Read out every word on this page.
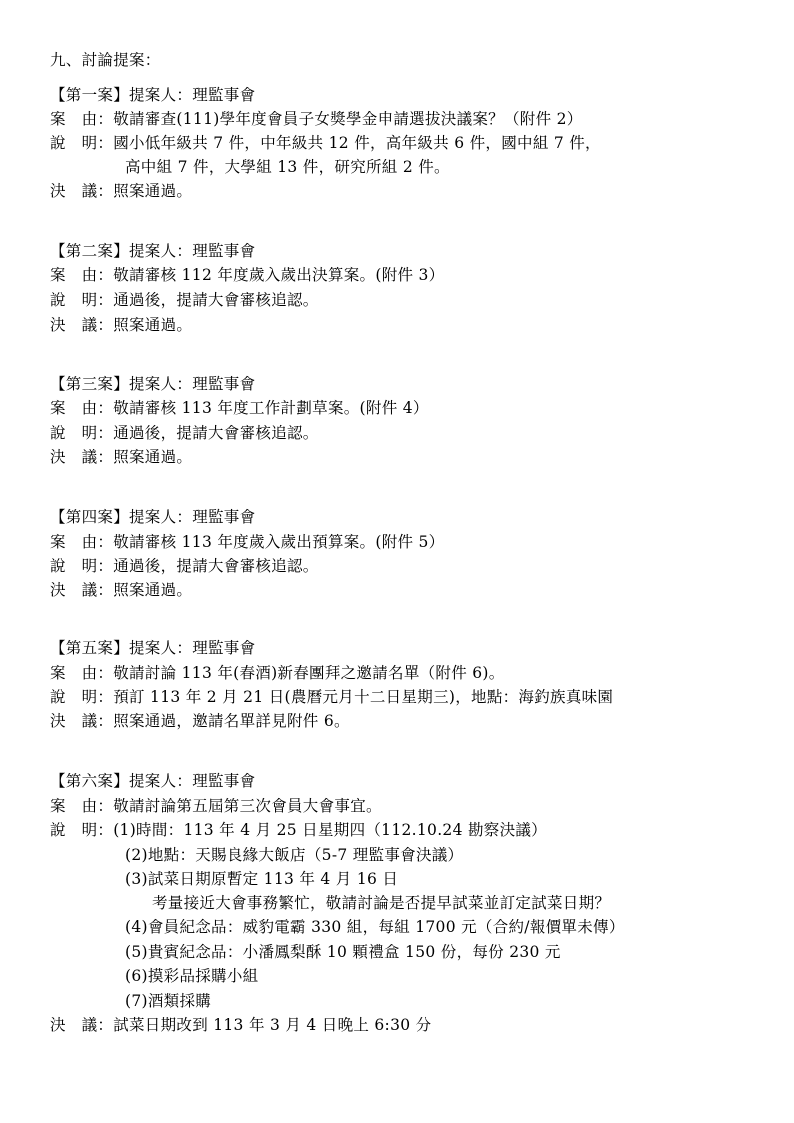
九、討論提案：
【第一案】提案人：理監事會
案　由：敬請審查(111)學年度會員子女獎學金申請選拔決議案？（附件 2）
說　明：國小低年級共 7 件，中年級共 12 件，高年級共 6 件，國中組 7 件，
高中組 7 件，大學組 13 件，研究所組 2 件。
決　議：照案通過。
【第二案】提案人：理監事會
案　由：敬請審核 112 年度歲入歲出決算案。(附件 3）
說　明：通過後，提請大會審核追認。
決　議：照案通過。
【第三案】提案人：理監事會
案　由：敬請審核 113 年度工作計劃草案。(附件 4）
說　明：通過後，提請大會審核追認。
決　議：照案通過。
【第四案】提案人：理監事會
案　由：敬請審核 113 年度歲入歲出預算案。(附件 5）
說　明：通過後，提請大會審核追認。
決　議：照案通過。
【第五案】提案人：理監事會
案　由：敬請討論 113 年(春酒)新春團拜之邀請名單（附件 6)。
說　明：預訂 113 年 2 月 21 日(農曆元月十二日星期三)，地點：海釣族真味園
決　議：照案通過，邀請名單詳見附件 6。
【第六案】提案人：理監事會
案　由：敬請討論第五屆第三次會員大會事宜。
說　明：(1)時間：113 年 4 月 25 日星期四（112.10.24 勘察決議）
(2)地點：天賜良緣大飯店（5-7 理監事會決議）
(3)試菜日期原暫定 113 年 4 月 16 日
考量接近大會事務繁忙，敬請討論是否提早試菜並訂定試菜日期？
(4)會員紀念品：威豹電霸 330 組，每組 1700 元（合約/報價單未傳）
(5)貴賓紀念品：小潘鳳梨酥 10 顆禮盒 150 份，每份 230 元
(6)摸彩品採購小組
(7)酒類採購
決　議：試菜日期改到 113 年 3 月 4 日晚上 6:30 分
